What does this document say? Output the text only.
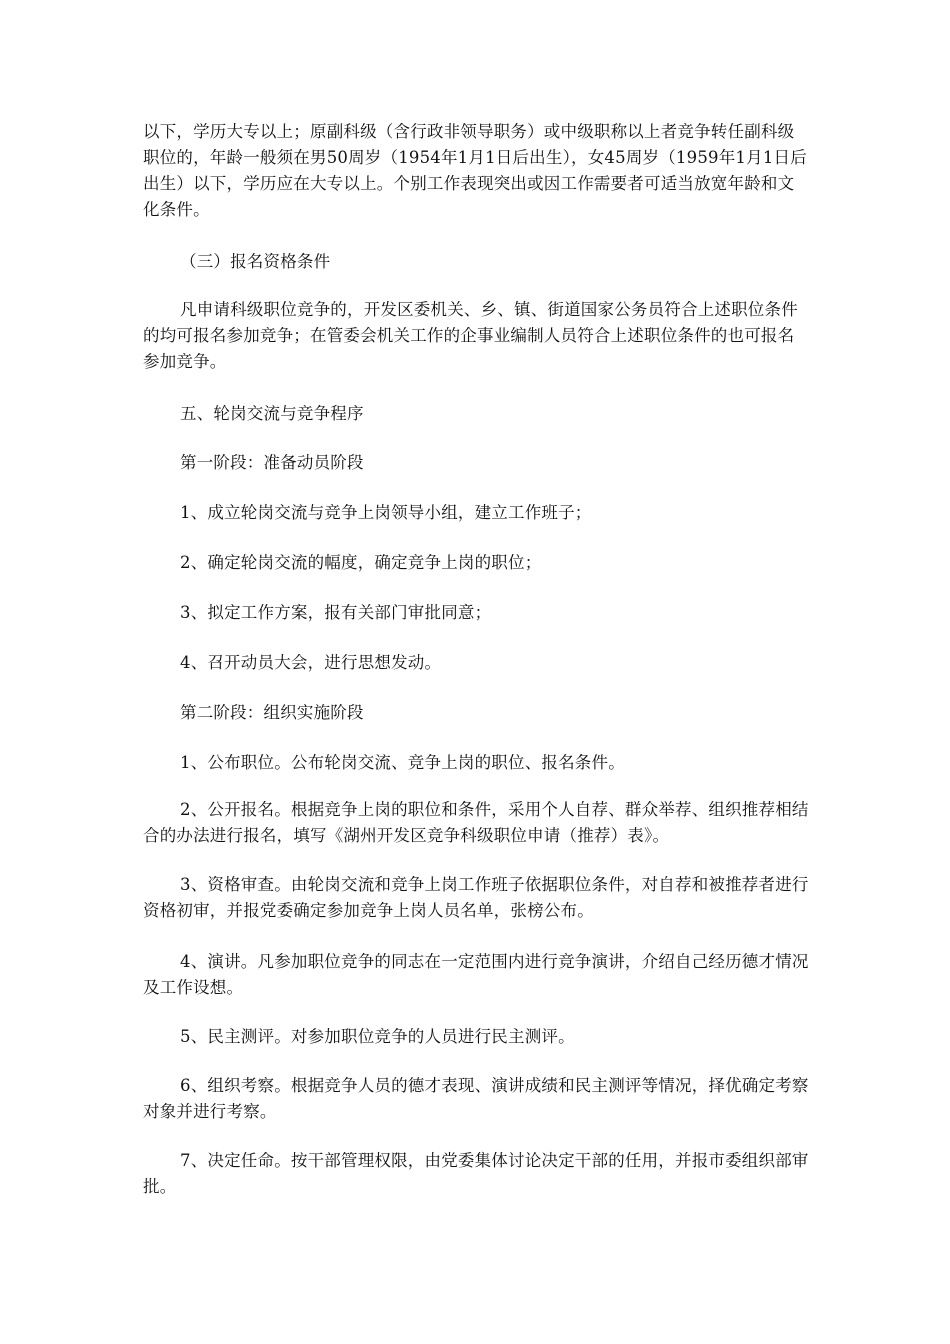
以下，学历大专以上；原副科级（含行政非领导职务）或中级职称以上者竞争转任副科级职位的，年龄一般须在男50周岁（1954年1月1日后出生），女45周岁（1959年1月1日后出生）以下，学历应在大专以上。个别工作表现突出或因工作需要者可适当放宽年龄和文化条件。

（三）报名资格条件

凡申请科级职位竞争的，开发区委机关、乡、镇、街道国家公务员符合上述职位条件的均可报名参加竞争；在管委会机关工作的企事业编制人员符合上述职位条件的也可报名参加竞争。

五、轮岗交流与竞争程序

第一阶段：准备动员阶段

1、成立轮岗交流与竞争上岗领导小组，建立工作班子；

2、确定轮岗交流的幅度，确定竞争上岗的职位；

3、拟定工作方案，报有关部门审批同意；

4、召开动员大会，进行思想发动。

第二阶段：组织实施阶段

1、公布职位。公布轮岗交流、竞争上岗的职位、报名条件。

2、公开报名。根据竞争上岗的职位和条件，采用个人自荐、群众举荐、组织推荐相结合的办法进行报名，填写《湖州开发区竞争科级职位申请（推荐）表》。

3、资格审查。由轮岗交流和竞争上岗工作班子依据职位条件，对自荐和被推荐者进行资格初审，并报党委确定参加竞争上岗人员名单，张榜公布。

4、演讲。凡参加职位竞争的同志在一定范围内进行竞争演讲，介绍自己经历德才情况及工作设想。

5、民主测评。对参加职位竞争的人员进行民主测评。

6、组织考察。根据竞争人员的德才表现、演讲成绩和民主测评等情况，择优确定考察对象并进行考察。

7、决定任命。按干部管理权限，由党委集体讨论决定干部的任用，并报市委组织部审批。
